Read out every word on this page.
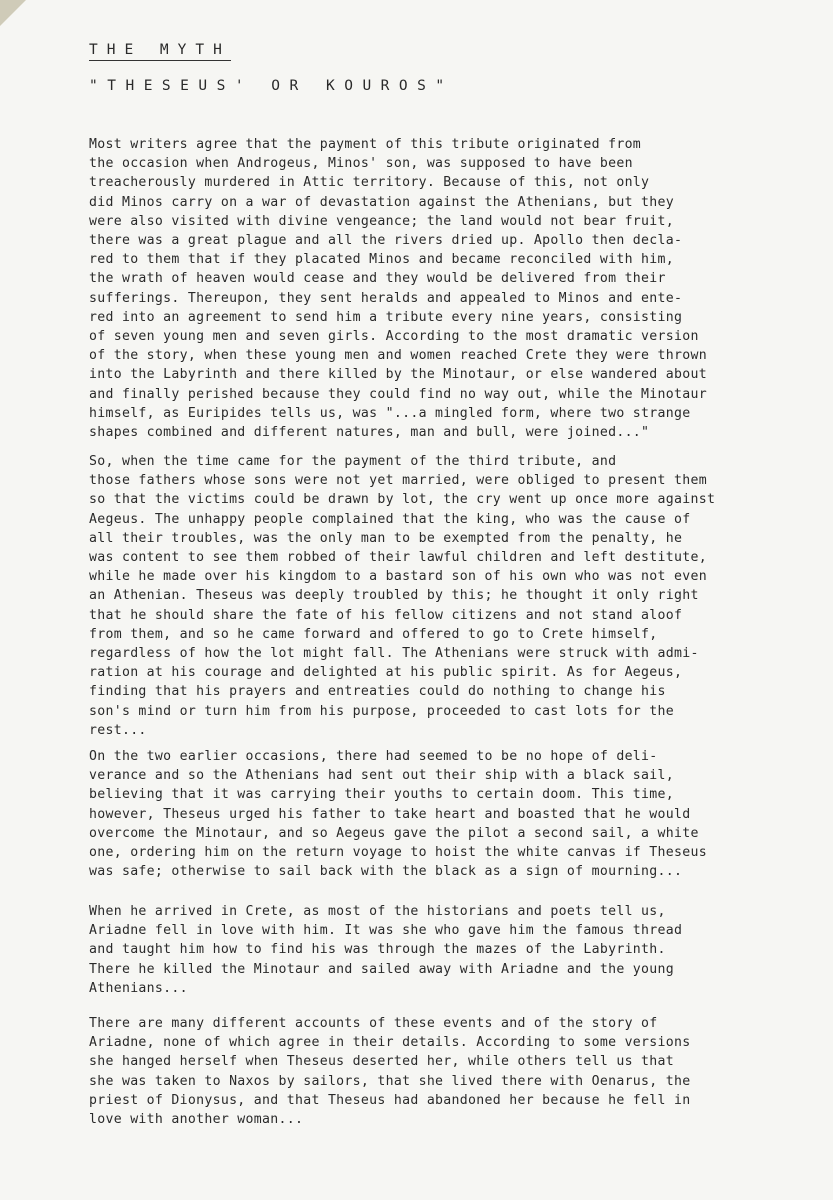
THE MYTH
"THESEUS' OR KOUROS"
Most writers agree that the payment of this tribute originated from
the occasion when Androgeus, Minos' son, was supposed to have been
treacherously murdered in Attic territory. Because of this, not only
did Minos carry on a war of devastation against the Athenians, but they
were also visited with divine vengeance; the land would not bear fruit,
there was a great plague and all the rivers dried up. Apollo then decla-
red to them that if they placated Minos and became reconciled with him,
the wrath of heaven would cease and they would be delivered from their
sufferings. Thereupon, they sent heralds and appealed to Minos and ente-
red into an agreement to send him a tribute every nine years, consisting
of seven young men and seven girls. According to the most dramatic version
of the story, when these young men and women reached Crete they were thrown
into the Labyrinth and there killed by the Minotaur, or else wandered about
and finally perished because they could find no way out, while the Minotaur
himself, as Euripides tells us, was "...a mingled form, where two strange
shapes combined and different natures, man and bull, were joined..."
So, when the time came for the payment of the third tribute, and
those fathers whose sons were not yet married, were obliged to present them
so that the victims could be drawn by lot, the cry went up once more against
Aegeus. The unhappy people complained that the king, who was the cause of
all their troubles, was the only man to be exempted from the penalty, he
was content to see them robbed of their lawful children and left destitute,
while he made over his kingdom to a bastard son of his own who was not even
an Athenian. Theseus was deeply troubled by this; he thought it only right
that he should share the fate of his fellow citizens and not stand aloof
from them, and so he came forward and offered to go to Crete himself,
regardless of how the lot might fall. The Athenians were struck with admi-
ration at his courage and delighted at his public spirit. As for Aegeus,
finding that his prayers and entreaties could do nothing to change his
son's mind or turn him from his purpose, proceeded to cast lots for the
rest...
On the two earlier occasions, there had seemed to be no hope of deli-
verance and so the Athenians had sent out their ship with a black sail,
believing that it was carrying their youths to certain doom. This time,
however, Theseus urged his father to take heart and boasted that he would
overcome the Minotaur, and so Aegeus gave the pilot a second sail, a white
one, ordering him on the return voyage to hoist the white canvas if Theseus
was safe; otherwise to sail back with the black as a sign of mourning...
When he arrived in Crete, as most of the historians and poets tell us,
Ariadne fell in love with him. It was she who gave him the famous thread
and taught him how to find his was through the mazes of the Labyrinth.
There he killed the Minotaur and sailed away with Ariadne and the young
Athenians...
There are many different accounts of these events and of the story of
Ariadne, none of which agree in their details. According to some versions
she hanged herself when Theseus deserted her, while others tell us that
she was taken to Naxos by sailors, that she lived there with Oenarus, the
priest of Dionysus, and that Theseus had abandoned her because he fell in
love with another woman...
